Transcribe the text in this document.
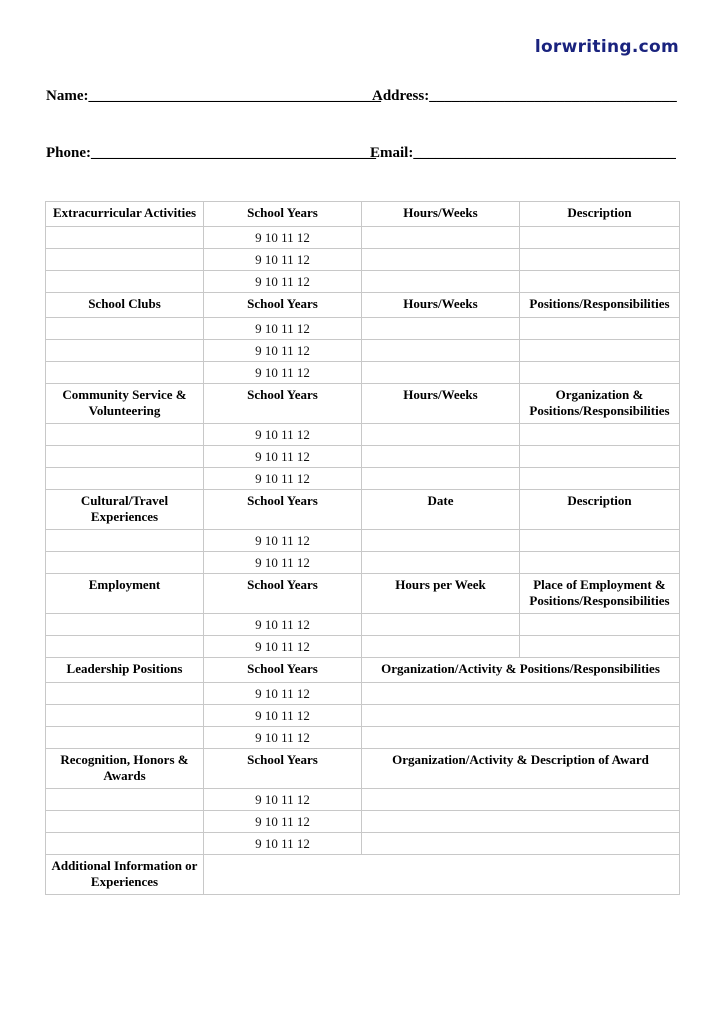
lorwriting.com
Name:_______________________________________
Address:_________________________________
Phone:______________________________________
Email:___________________________________
Extracurricular Activities	School Years	Hours/Weeks	Description
	9 10 11 12		
	9 10 11 12		
	9 10 11 12		
School Clubs	School Years	Hours/Weeks	Positions/Responsibilities
	9 10 11 12		
	9 10 11 12		
	9 10 11 12		
Community Service & Volunteering	School Years	Hours/Weeks	Organization & Positions/Responsibilities
	9 10 11 12		
	9 10 11 12		
	9 10 11 12		
Cultural/Travel Experiences	School Years	Date	Description
	9 10 11 12		
	9 10 11 12		
Employment	School Years	Hours per Week	Place of Employment & Positions/Responsibilities
	9 10 11 12		
	9 10 11 12		
Leadership Positions	School Years	Organization/Activity & Positions/Responsibilities	
	9 10 11 12		
	9 10 11 12		
	9 10 11 12		
Recognition, Honors & Awards	School Years	Organization/Activity & Description of Award	
	9 10 11 12		
	9 10 11 12		
	9 10 11 12		
Additional Information or Experiences			
